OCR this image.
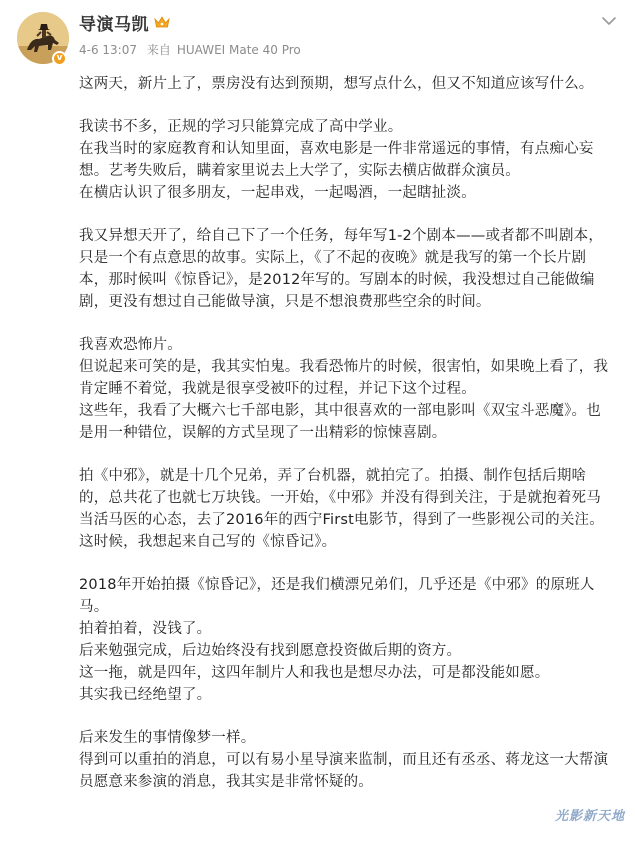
v
导演马凯
4-6 13:07 来自 HUAWEI Mate 40 Pro
这两天，新片上了，票房没有达到预期，想写点什么，但又不知道应该写什么。
我读书不多，正规的学习只能算完成了高中学业。
在我当时的家庭教育和认知里面，喜欢电影是一件非常遥远的事情，有点痴心妄
想。艺考失败后，瞒着家里说去上大学了，实际去横店做群众演员。
在横店认识了很多朋友，一起串戏，一起喝酒，一起瞎扯淡。
我又异想天开了，给自己下了一个任务，每年写1-2个剧本——或者都不叫剧本，
只是一个有点意思的故事。实际上，《了不起的夜晚》就是我写的第一个长片剧
本，那时候叫《惊昏记》，是2012年写的。写剧本的时候，我没想过自己能做编
剧，更没有想过自己能做导演，只是不想浪费那些空余的时间。
我喜欢恐怖片。
但说起来可笑的是，我其实怕鬼。我看恐怖片的时候，很害怕，如果晚上看了，我
肯定睡不着觉，我就是很享受被吓的过程，并记下这个过程。
这些年，我看了大概六七千部电影，其中很喜欢的一部电影叫《双宝斗恶魔》。也
是用一种错位，误解的方式呈现了一出精彩的惊悚喜剧。
拍《中邪》，就是十几个兄弟，弄了台机器，就拍完了。拍摄、制作包括后期啥
的，总共花了也就七万块钱。一开始，《中邪》并没有得到关注，于是就抱着死马
当活马医的心态，去了2016年的西宁First电影节，得到了一些影视公司的关注。
这时候，我想起来自己写的《惊昏记》。
2018年开始拍摄《惊昏记》，还是我们横漂兄弟们，几乎还是《中邪》的原班人
马。
拍着拍着，没钱了。
后来勉强完成，后边始终没有找到愿意投资做后期的资方。
这一拖，就是四年，这四年制片人和我也是想尽办法，可是都没能如愿。
其实我已经绝望了。
后来发生的事情像梦一样。
得到可以重拍的消息，可以有易小星导演来监制，而且还有丞丞、蒋龙这一大帮演
员愿意来参演的消息，我其实是非常怀疑的。
光影新天地
